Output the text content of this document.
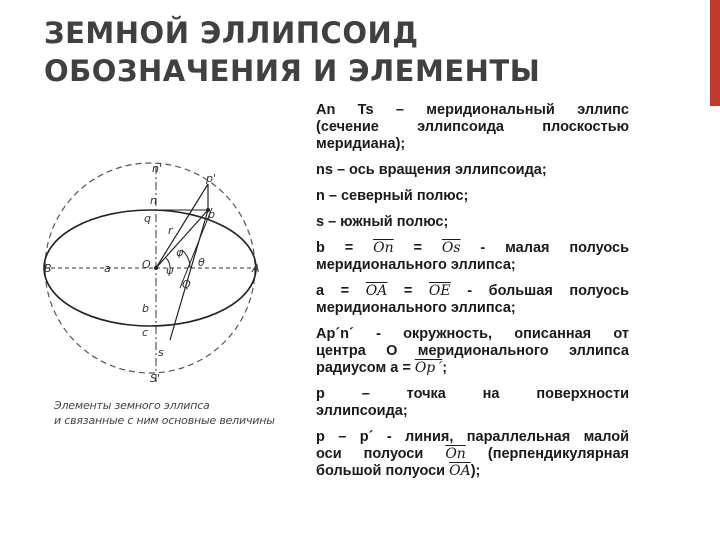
ЗЕМНОЙ ЭЛЛИПСОИД
ОБОЗНАЧЕНИЯ И ЭЛЕМЕНТЫ
n'
p'
n
p
q
r
B	a	O
φ
ψ
θ	A
Q
b
c
s
S'
Элементы земного эллипса
и связанные с ним основные величины
An Ts – меридиональный эллипс
(сечение эллипсоида плоскостью
меридиана);
ns – ось вращения эллипсоида;
n – северный полюс;
s – южный полюс;
$b = \overline{On} = \overline{Os}$ - малая полуось
меридионального эллипса;
$a = \overline{OA} = \overline{OE}$ - большая полуось
меридионального эллипса;
Ap´n´ - окружность, описанная от
центра О меридионального эллипса
радиусом а = Op´;
p – точка на поверхности
эллипсоида;
p – p´ - линия, параллельная малой
оси полуоси $\overline{On}$ (перпендикулярная
большой полуоси $\overline{OA}$);
